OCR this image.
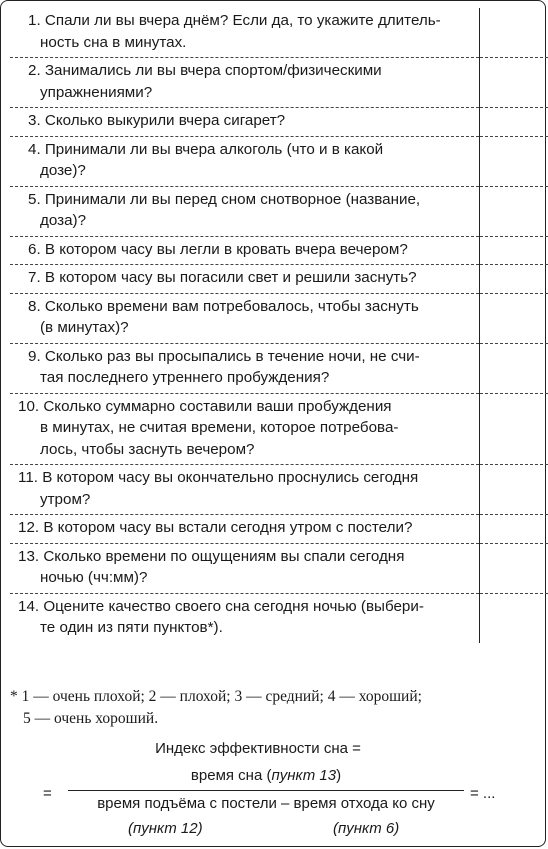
1. Спали ли вы вчера днём? Если да, то укажите длитель-
ность сна в минутах.	

2. Занимались ли вы вчера спортом/физическими
упражнениями?	

3. Сколько выкурили вчера сигарет?	

4. Принимали ли вы вчера алкоголь (что и в какой
дозе)?	

5. Принимали ли вы перед сном снотворное (название,
доза)?	

6. В котором часу вы легли в кровать вчера вечером?	

7. В котором часу вы погасили свет и решили заснуть?	

8. Сколько времени вам потребовалось, чтобы заснуть
(в минутах)?	

9. Сколько раз вы просыпались в течение ночи, не счи-
тая последнего утреннего пробуждения?	

10. Сколько суммарно составили ваши пробуждения
в минутах, не считая времени, которое потребова-
лось, чтобы заснуть вечером?	

11. В котором часу вы окончательно проснулись сегодня
утром?	

12. В котором часу вы встали сегодня утром с постели?	

13. Сколько времени по ощущениям вы спали сегодня
ночью (чч:мм)?	

14. Оцените качество своего сна сегодня ночью (выбери-
те один из пяти пунктов*).	

* 1 — очень плохой; 2 — плохой; 3 — средний; 4 — хороший;
5 — очень хороший.
Индекс эффективности сна =
=
время сна (пункт 13)
время подъёма с постели – время отхода ко сну
= ...
(пункт 12)	(пункт 6)
